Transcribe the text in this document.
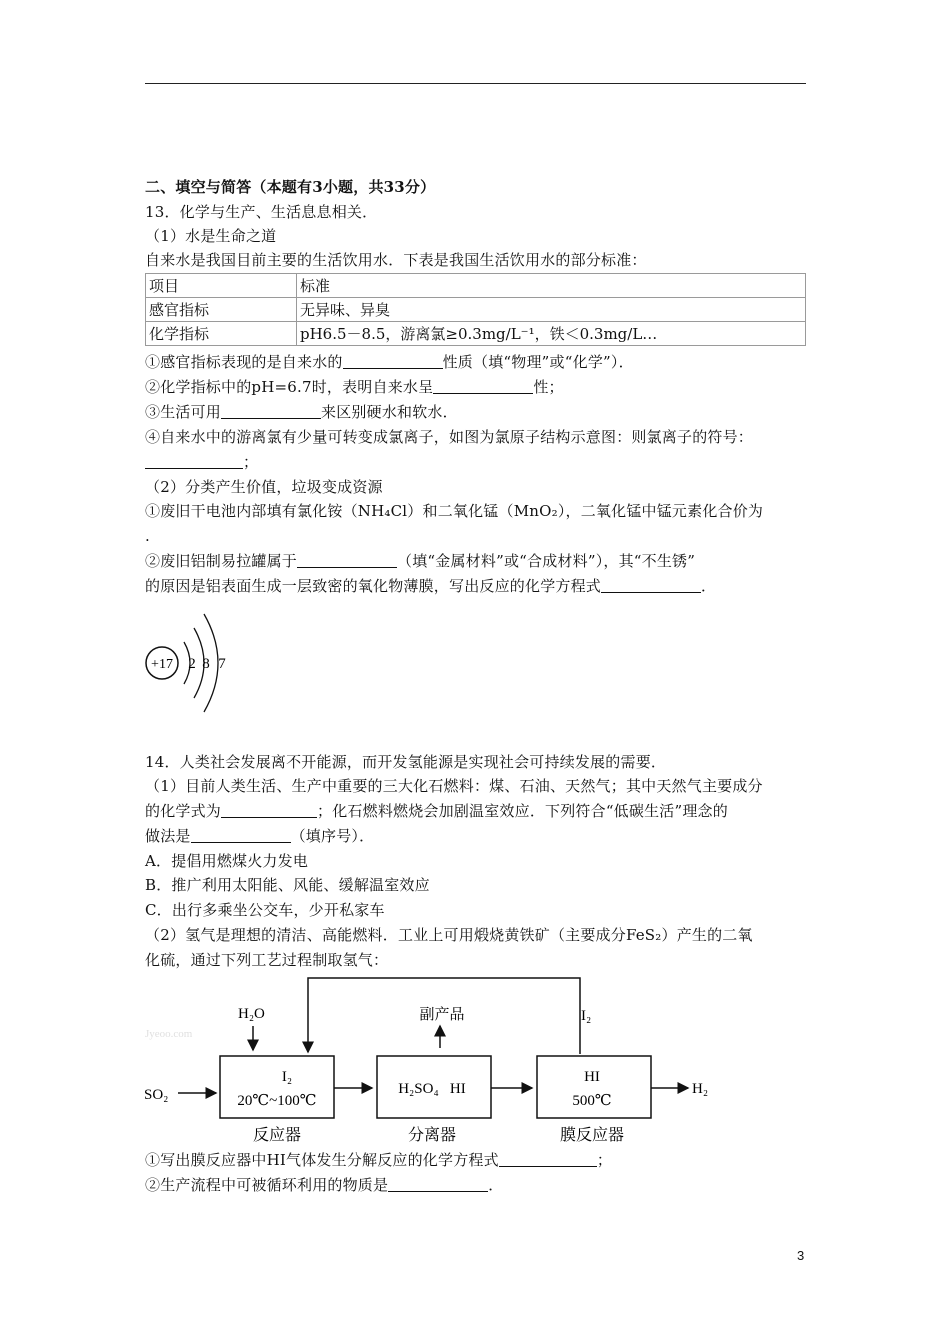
二、填空与简答（本题有3小题，共33分）
13．化学与生产、生活息息相关．
（1）水是生命之道
自来水是我国目前主要的生活饮用水．下表是我国生活饮用水的部分标准：
项目	标准
感官指标	无异味、异臭
化学指标	pH6.5－8.5，游离氯≥0.3mg/L⁻¹，铁＜0.3mg/L…
①感官指标表现的是自来水的	性质（填“物理”或“化学”）．
②化学指标中的pH=6.7时，表明自来水呈	性；
③生活可用	来区别硬水和软水．
④自来水中的游离氯有少量可转变成氯离子，如图为氯原子结构示意图：则氯离子的符号：
；
（2）分类产生价值，垃圾变成资源
①废旧干电池内部填有氯化铵（NH₄Cl）和二氧化锰（MnO₂），二氧化锰中锰元素化合价为
.
②废旧铝制易拉罐属于	（填“金属材料”或“合成材料”），其“不生锈”
的原因是铝表面生成一层致密的氧化物薄膜，写出反应的化学方程式	．
+17 2 8 7
14．人类社会发展离不开能源，而开发氢能源是实现社会可持续发展的需要．
（1）目前人类生活、生产中重要的三大化石燃料：煤、石油、天然气；其中天然气主要成分
的化学式为	；化石燃料燃烧会加剧温室效应．下列符合“低碳生活”理念的
做法是	（填序号）．
A．提倡用燃煤火力发电
B．推广利用太阳能、风能、缓解温室效应
C．出行多乘坐公交车，少开私家车
（2）氢气是理想的清洁、高能燃料．工业上可用煅烧黄铁矿（主要成分FeS₂）产生的二氧
化硫，通过下列工艺过程制取氢气：
Jyeoo.com
I₂
H₂O
SO₂
I₂
20℃~100℃
反应器
H₂SO₄   HI
分离器
副产品
HI
500℃
膜反应器
H₂
①写出膜反应器中HI气体发生分解反应的化学方程式	；
②生产流程中可被循环利用的物质是	．
3
